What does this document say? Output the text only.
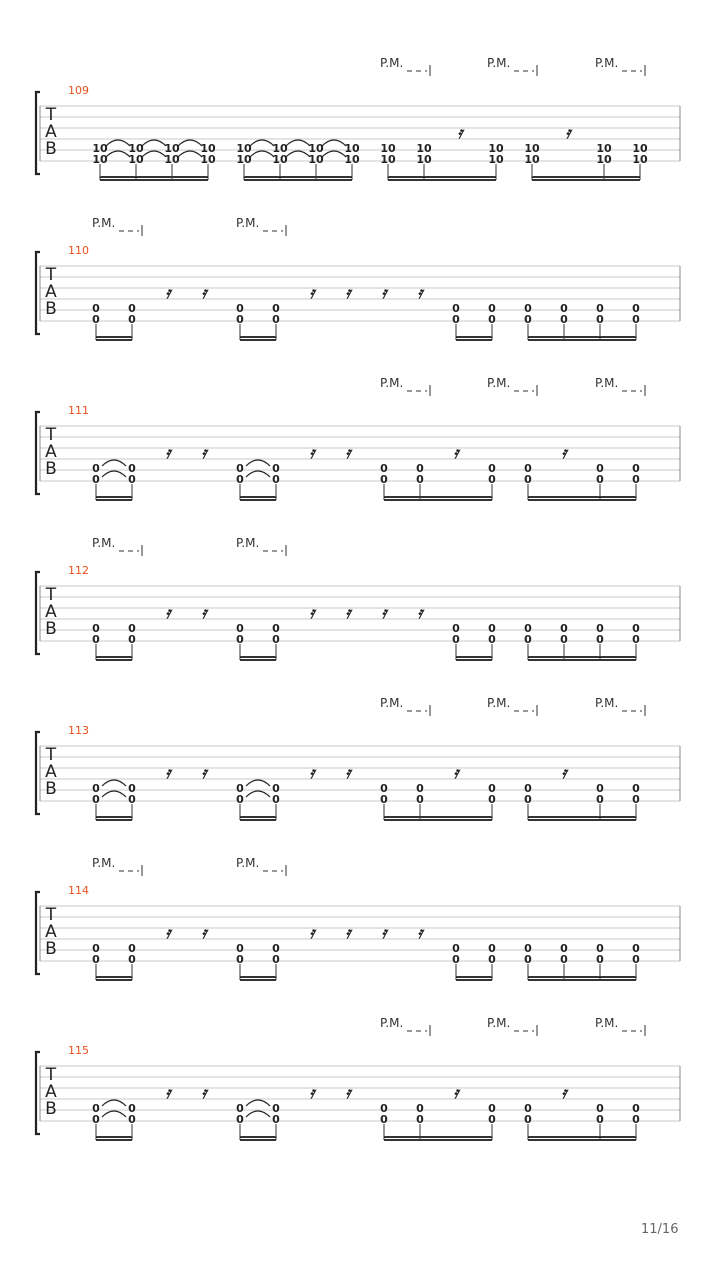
T
A
B
109
P.M.	P.M.	P.M.
10
10
10
10
10
10
10
10
10
10
10
10
10
10
10
10
10
10
10
10
𝄿
10
10
10
10
𝄿
10
10
10
10
T
A
B
110
P.M.	P.M.
0
0
0
0
𝄿 𝄿
0
0
0
0
𝄿 𝄿 𝄿 𝄿
0
0
0
0
0
0
0
0
0
0
0
0
T
A
B
111
P.M.	P.M.	P.M.
0
0
0
0
𝄿 𝄿
0
0
0
0
𝄿 𝄿
0
0
0
0
𝄿
0
0
0
0
𝄿
0
0
0
0
T
A
B
112
P.M.	P.M.
0
0
0
0
𝄿 𝄿
0
0
0
0
𝄿 𝄿 𝄿 𝄿
0
0
0
0
0
0
0
0
0
0
0
0
T
A
B
113
P.M.	P.M.	P.M.
0
0
0
0
𝄿 𝄿
0
0
0
0
𝄿 𝄿
0
0
0
0
𝄿
0
0
0
0
𝄿
0
0
0
0
T
A
B
114
P.M.	P.M.
0
0
0
0
𝄿 𝄿
0
0
0
0
𝄿 𝄿 𝄿 𝄿
0
0
0
0
0
0
0
0
0
0
0
0
T
A
B
115
P.M.	P.M.	P.M.
0
0
0
0
𝄿 𝄿
0
0
0
0
𝄿 𝄿
0
0
0
0
𝄿
0
0
0
0
𝄿
0
0
0
0
11/16
